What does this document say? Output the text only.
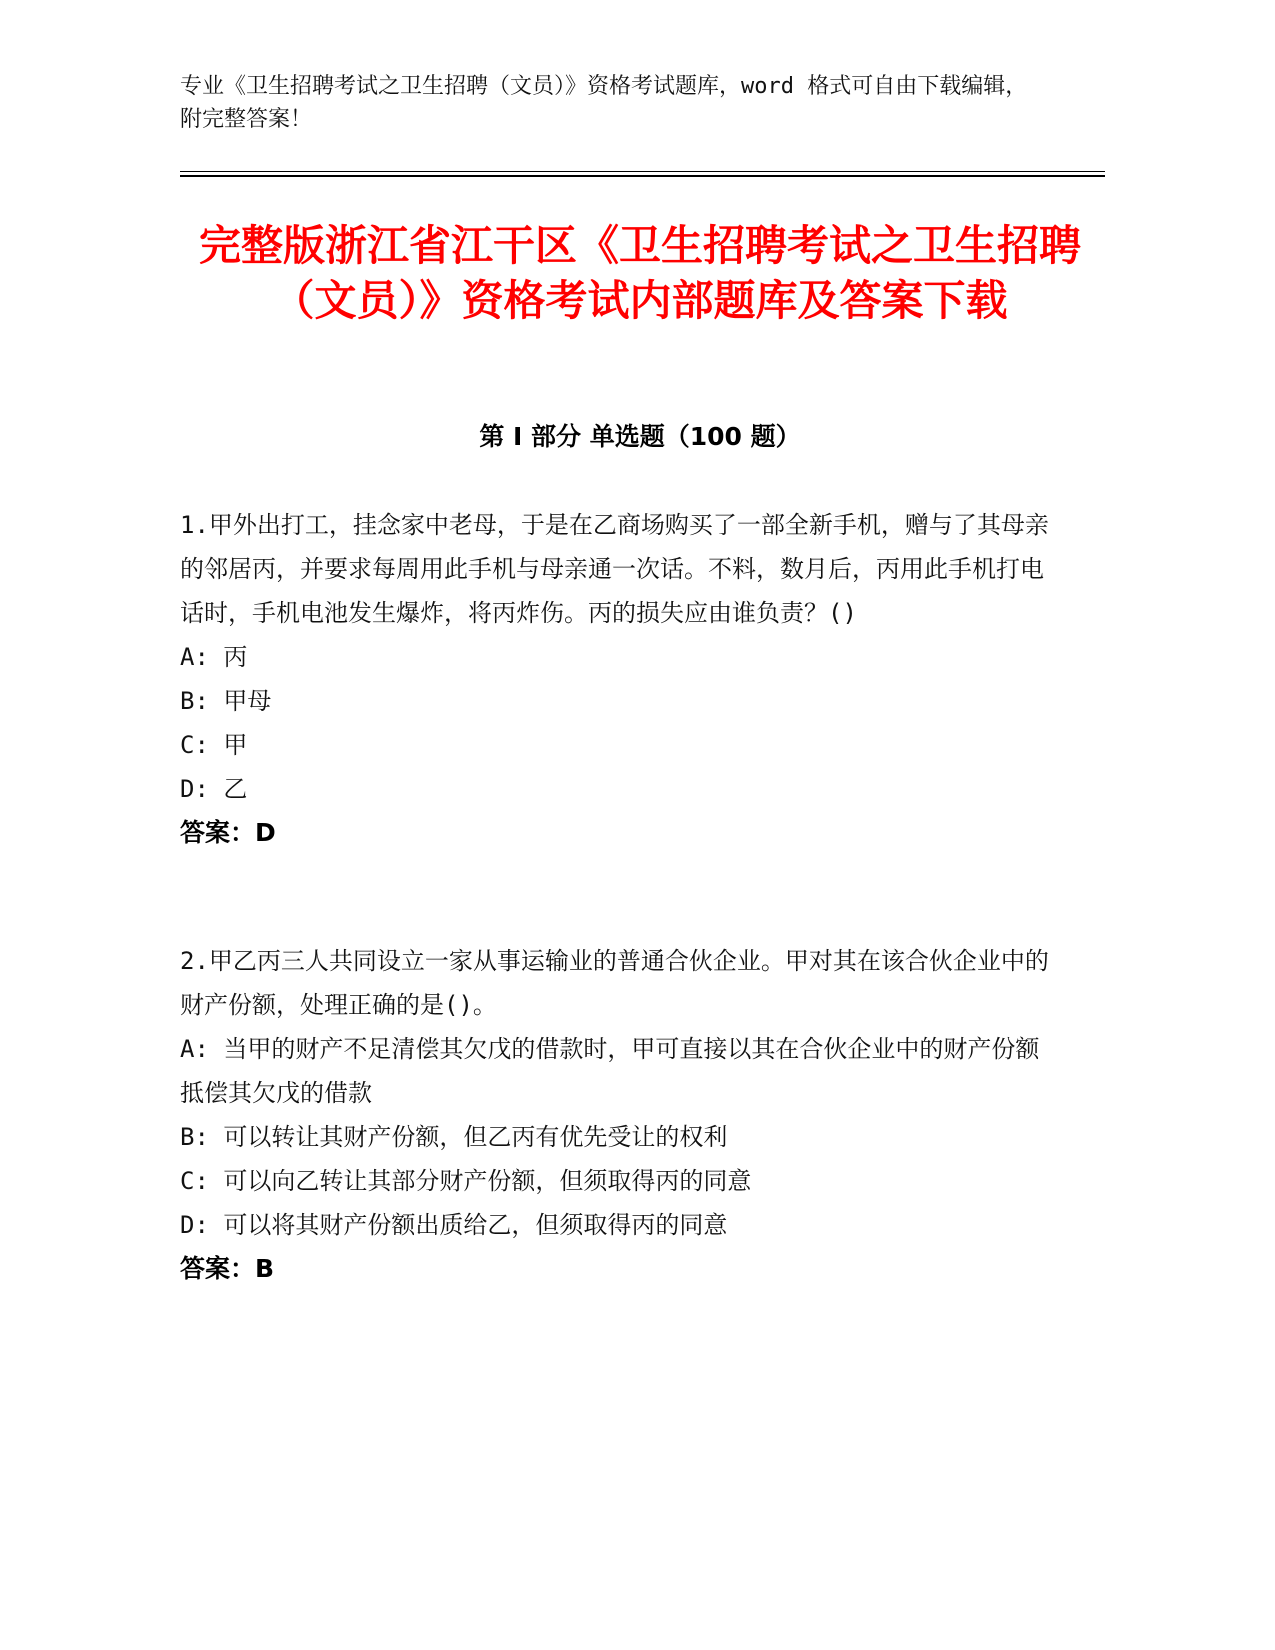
专业《卫生招聘考试之卫生招聘（文员）》资格考试题库，word 格式可自由下载编辑，附完整答案！
完整版浙江省江干区《卫生招聘考试之卫生招聘（文员）》资格考试内部题库及答案下载
第 I 部分 单选题（100 题）

1.甲外出打工，挂念家中老母，于是在乙商场购买了一部全新手机，赠与了其母亲的邻居丙，并要求每周用此手机与母亲通一次话。不料，数月后，丙用此手机打电话时，手机电池发生爆炸，将丙炸伤。丙的损失应由谁负责？()

A: 丙

B: 甲母

C: 甲

D: 乙

答案：D

2.甲乙丙三人共同设立一家从事运输业的普通合伙企业。甲对其在该合伙企业中的财产份额，处理正确的是()。

A: 当甲的财产不足清偿其欠戊的借款时，甲可直接以其在合伙企业中的财产份额抵偿其欠戊的借款

B: 可以转让其财产份额，但乙丙有优先受让的权利

C: 可以向乙转让其部分财产份额，但须取得丙的同意

D: 可以将其财产份额出质给乙，但须取得丙的同意

答案：B
